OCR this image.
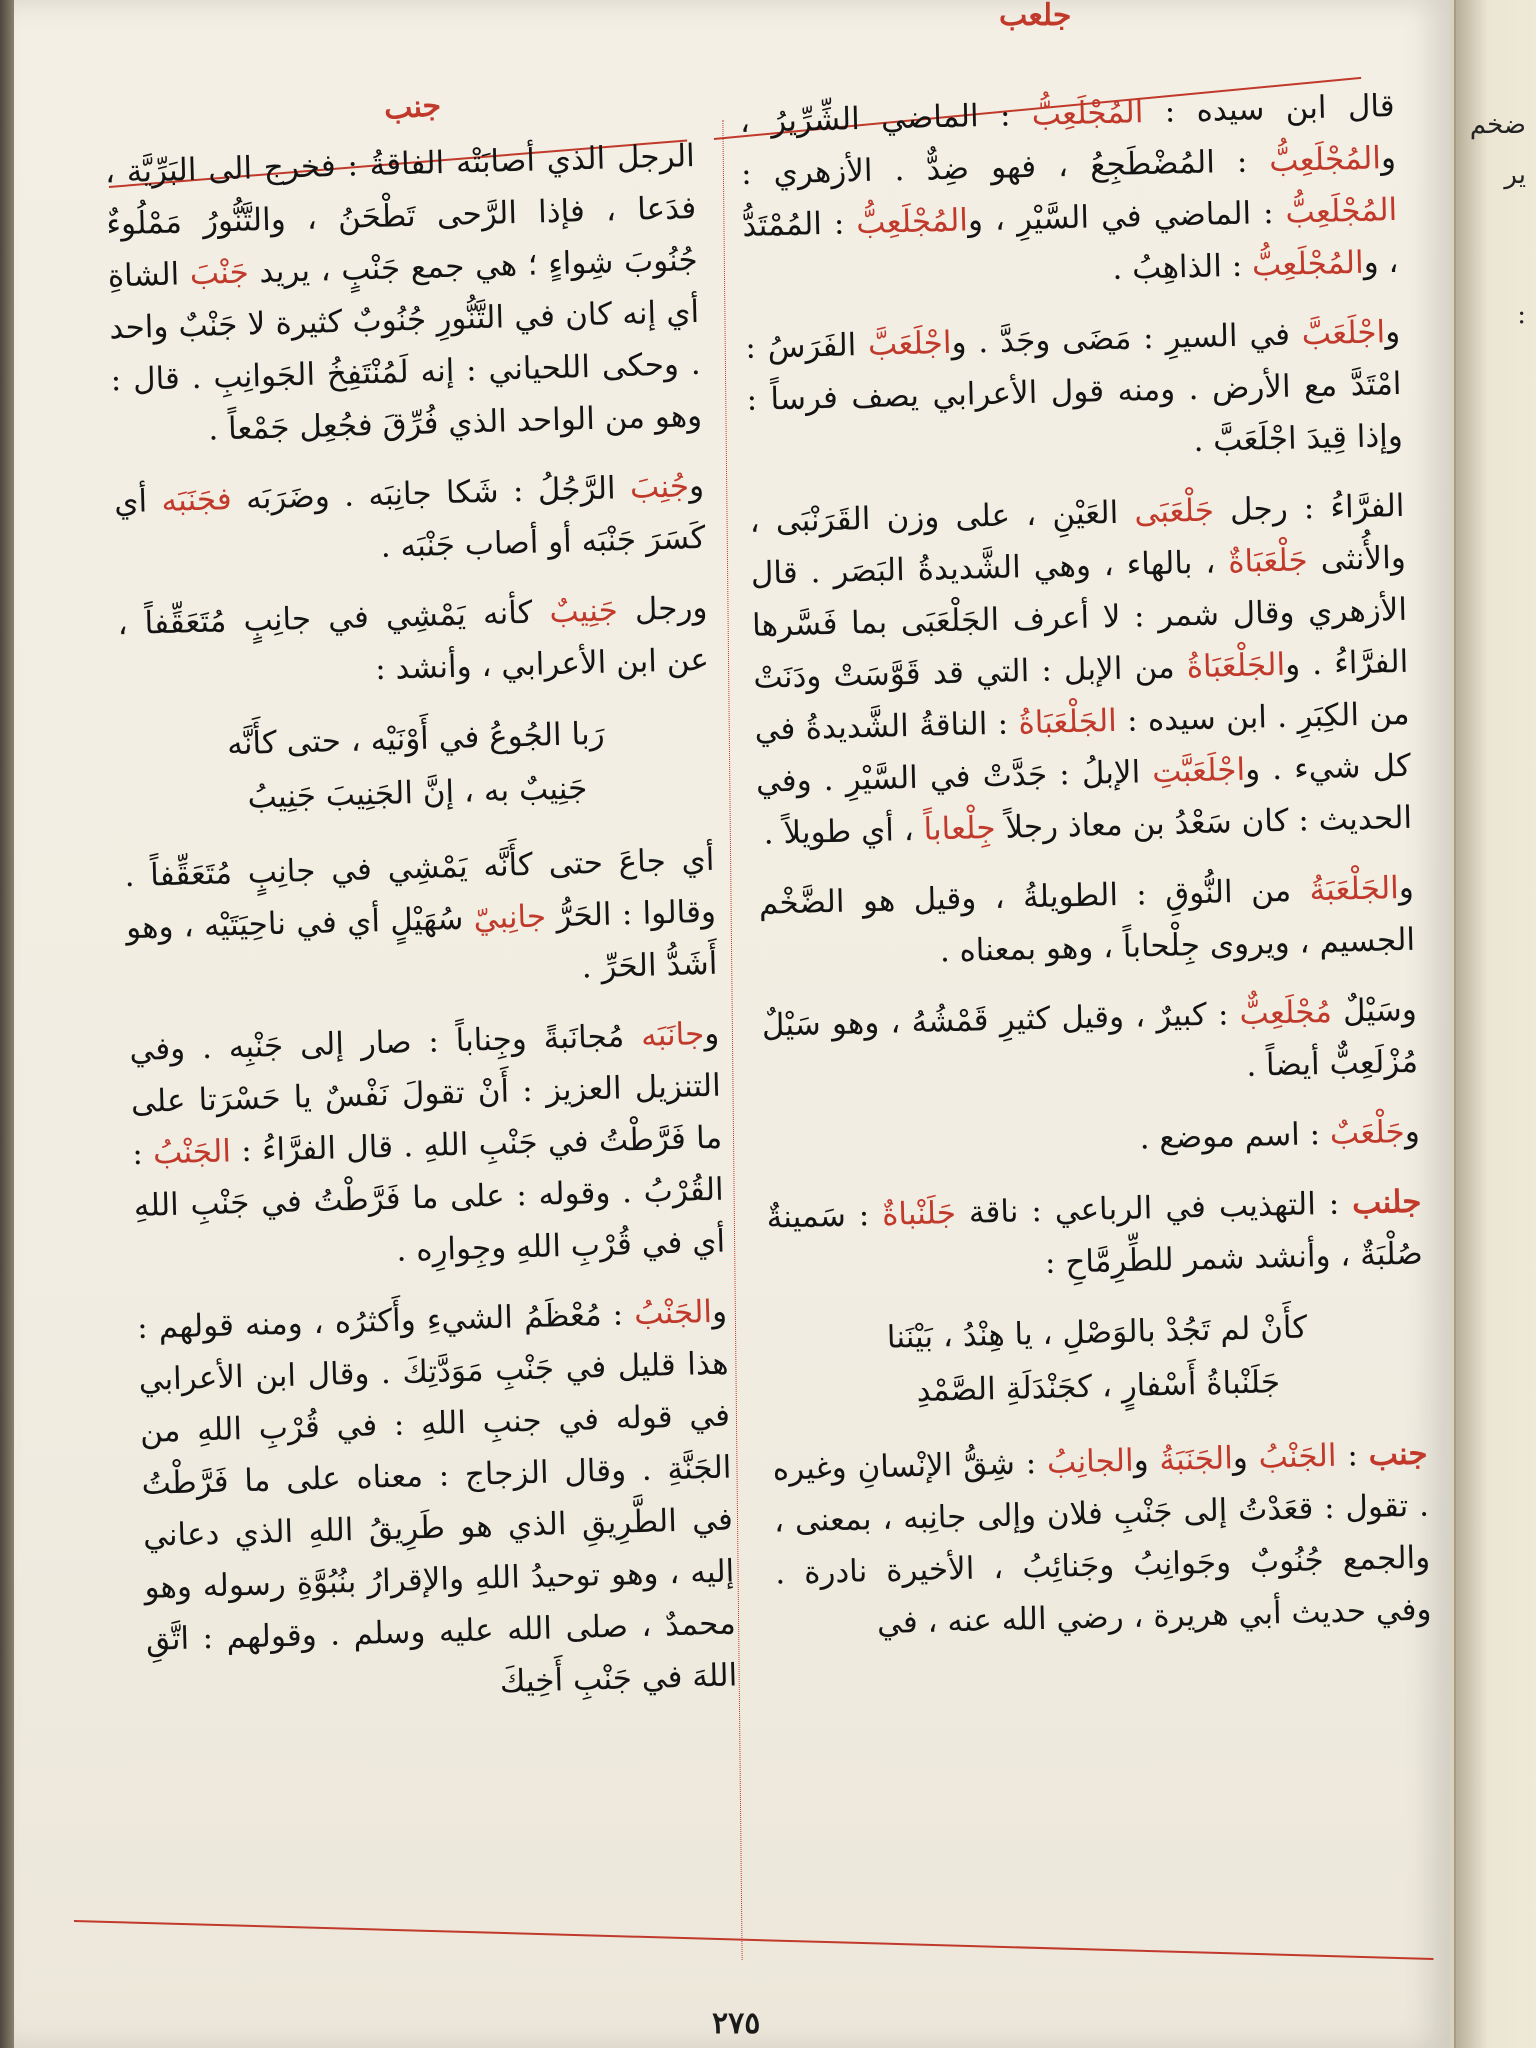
جنب
جلعب

قال ابن سيده : المُجْلَعِبُّ : الماضي الشِّرِّيرُ ، والمُجْلَعِبُّ : المُضْطَجِعُ ، فهو ضِدٌّ . الأزهري : المُجْلَعِبُّ : الماضي في السَّيْرِ ، والمُجْلَعِبُّ : المُمْتَدُّ ، والمُجْلَعِبُّ : الذاهِبُ .

واجْلَعَبَّ في السيرِ : مَضَى وجَدَّ . واجْلَعَبَّ الفَرَسُ : امْتَدَّ مع الأرض . ومنه قول الأعرابي يصف فرساً : وإذا قِيدَ اجْلَعَبَّ .

الفرَّاءُ : رجل جَلْعَبَى العَيْنِ ، على وزن القَرَنْبَى ، والأُنثى جَلْعَبَاةٌ ، بالهاء ، وهي الشَّديدةُ البَصَر . قال الأزهري وقال شمر : لا أعرف الجَلْعَبَى بما فَسَّرها الفرَّاءُ . والجَلْعَبَاةُ من الإبل : التي قد قَوَّسَتْ ودَنَتْ من الكِبَرِ . ابن سيده : الجَلْعَبَاةُ : الناقةُ الشَّديدةُ في كل شيء . واجْلَعَبَّتِ الإبلُ : جَدَّتْ في السَّيْرِ . وفي الحديث : كان سَعْدُ بن معاذ رجلاً جِلْعاباً ، أي طويلاً .

والجَلْعَبَةُ من النُّوقِ : الطويلةُ ، وقيل هو الضَّخْم الجسيم ، ويروى جِلْحاباً ، وهو بمعناه .

وسَيْلٌ مُجْلَعِبٌّ : كبيرٌ ، وقيل كثيرِ قَمْشُهُ ، وهو سَيْلٌ مُزْلَعِبٌّ أيضاً .

وجَلْعَبٌ : اسم موضع .

جلنب : التهذيب في الرباعي : ناقة جَلَنْباةٌ : سَمينةٌ صُلْبَةٌ ، وأنشد شمر للطِّرِمَّاحِ :

كأَنْ لم تَجُدْ بالوَصْلِ ، يا هِنْدُ ، بَيْنَنا
جَلَنْباةُ أَسْفارٍ ، كجَنْدَلَةِ الصَّمْدِ

جنب : الجَنْبُ والجَنَبَةُ والجانِبُ : شِقُّ الإنْسانِ وغيره . تقول : قعَدْتُ إلى جَنْبِ فلان وإلى جانِبه ، بمعنى ، والجمع جُنُوبٌ وجَوانِبُ وجَنائِبُ ، الأخيرة نادرة . وفي حديث أبي هريرة ، رضي الله عنه ، في

الرجل الذي أصابَتْه الفاقةُ : فخرج الى البَرِّيَّة ، فدَعا ، فإذا الرَّحى تَطْحَنُ ، والتَّنُّورُ مَمْلُوءٌ جُنُوبَ شِواءٍ ؛ هي جمع جَنْبٍ ، يريد جَنْبَ الشاةِ أي إنه كان في التَّنُّورِ جُنُوبٌ كثيرة لا جَنْبٌ واحد . وحكى اللحياني : إنه لَمُنْتَفِخُ الجَوانِبِ . قال : وهو من الواحد الذي فُرِّقَ فجُعِل جَمْعاً .

وجُنِبَ الرَّجُلُ : شَكا جانِبَه . وضَرَبَه فجَنَبَه أي كَسَرَ جَنْبَه أو أصاب جَنْبَه .

ورجل جَنِيبٌ كأنه يَمْشِي في جانِبٍ مُتَعَقِّفاً ، عن ابن الأعرابي ، وأنشد :

رَبا الجُوعُ في أَوْنَيْه ، حتى كأَنَّه
جَنِيبٌ به ، إنَّ الجَنِيبَ جَنِيبُ

أي جاعَ حتى كأَنَّه يَمْشِي في جانِبٍ مُتَعَقِّفاً . وقالوا : الحَرُّ جانِبيّ سُهَيْلٍ أي في ناحِيَتَيْه ، وهو أَشَدُّ الحَرِّ .

وجانَبَه مُجانَبةً وجِناباً : صار إلى جَنْبِه . وفي التنزيل العزيز : أَنْ تقولَ نَفْسٌ يا حَسْرَتا على ما فَرَّطْتُ في جَنْبِ اللهِ . قال الفرَّاءُ : الجَنْبُ : القُرْبُ . وقوله : على ما فَرَّطْتُ في جَنْبِ اللهِ أي في قُرْبِ اللهِ وجِوارِه .

والجَنْبُ : مُعْظَمُ الشيءِ وأَكثرُه ، ومنه قولهم : هذا قليل في جَنْبِ مَوَدَّتِكَ . وقال ابن الأعرابي في قوله في جنبِ اللهِ : في قُرْبِ اللهِ من الجَنَّةِ . وقال الزجاج : معناه على ما فَرَّطْتُ في الطَّرِيقِ الذي هو طَرِيقُ اللهِ الذي دعاني إليه ، وهو توحيدُ اللهِ والإقرارُ بنُبُوَّةِ رسوله وهو محمدٌ ، صلى الله عليه وسلم . وقولهم : اتَّقِ اللهَ في جَنْبِ أَخِيكَ

٢٧٥
ضخم
ير
:
